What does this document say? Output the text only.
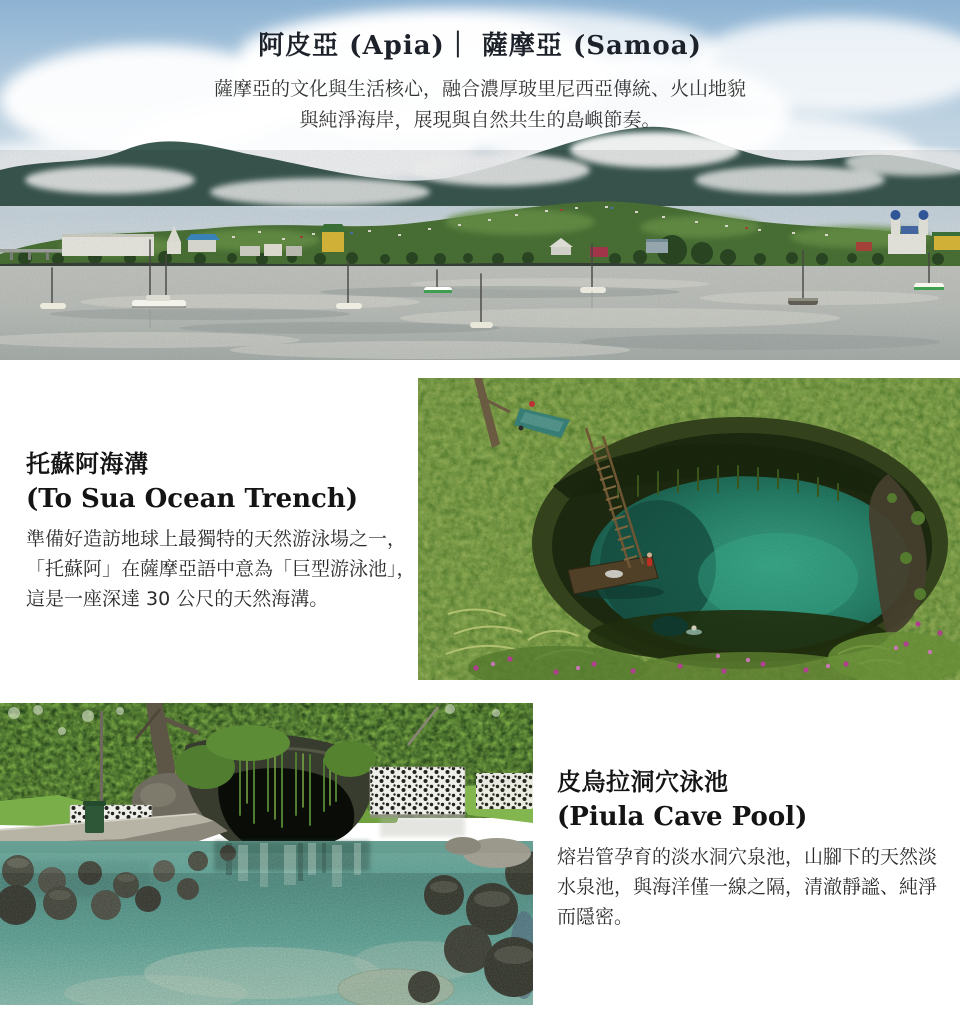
阿皮亞 (Apia)｜ 薩摩亞 (Samoa)
薩摩亞的文化與生活核心，融合濃厚玻里尼西亞傳統、火山地貌
與純淨海岸，展現與自然共生的島嶼節奏。
托蘇阿海溝
(To Sua Ocean Trench)

準備好造訪地球上最獨特的天然游泳場之一，
「托蘇阿」在薩摩亞語中意為「巨型游泳池」，
這是一座深達 30 公尺的天然海溝。

皮烏拉洞穴泳池
(Piula Cave Pool)

熔岩管孕育的淡水洞穴泉池，山腳下的天然淡
水泉池，與海洋僅一線之隔，清澈靜謐、純淨
而隱密。
